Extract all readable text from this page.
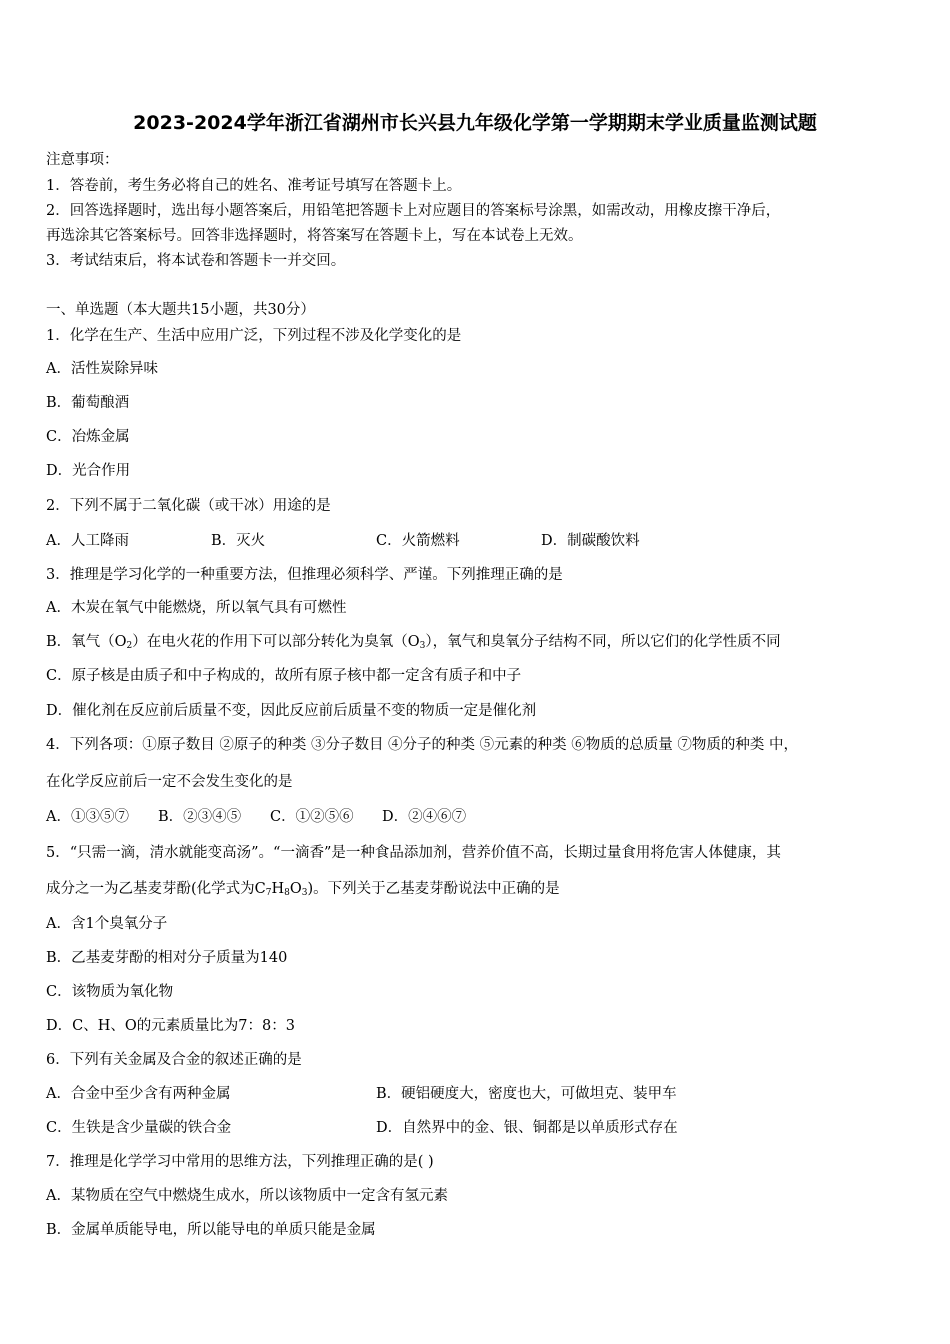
2023-2024学年浙江省湖州市长兴县九年级化学第一学期期末学业质量监测试题
注意事项：
1．答卷前，考生务必将自己的姓名、准考证号填写在答题卡上。
2．回答选择题时，选出每小题答案后，用铅笔把答题卡上对应题目的答案标号涂黑，如需改动，用橡皮擦干净后，
再选涂其它答案标号。回答非选择题时，将答案写在答题卡上，写在本试卷上无效。
3．考试结束后，将本试卷和答题卡一并交回。
一、单选题（本大题共15小题，共30分）
1．化学在生产、生活中应用广泛，下列过程不涉及化学变化的是
A．活性炭除异味
B．葡萄酿酒
C．冶炼金属
D．光合作用
2．下列不属于二氧化碳（或干冰）用途的是
A．人工降雨	B．灭火	C．火箭燃料	D．制碳酸饮料
3．推理是学习化学的一种重要方法，但推理必须科学、严谨。下列推理正确的是
A．木炭在氧气中能燃烧，所以氧气具有可燃性
B．氧气$(O_2)$在电火花的作用下可以部分转化为臭氧$(O_3)$，氧气和臭氧分子结构不同，所以它们的化学性质不同
C．原子核是由质子和中子构成的，故所有原子核中都一定含有质子和中子
D．催化剂在反应前后质量不变，因此反应前后质量不变的物质一定是催化剂
4．下列各项：①原子数目 ②原子的种类 ③分子数目 ④分子的种类 ⑤元素的种类 ⑥物质的总质量 ⑦物质的种类 中，
在化学反应前后一定不会发生变化的是
A．①③⑤⑦ B．②③④⑤ C．①②⑤⑥ D．②④⑥⑦
5．“只需一滴，清水就能变高汤”。“一滴香”是一种食品添加剂，营养价值不高，长期过量食用将危害人体健康，其
成分之一为乙基麦芽酚(化学式为$C_7H_8O_3$)。下列关于乙基麦芽酚说法中正确的是
A．含1个臭氧分子
B．乙基麦芽酚的相对分子质量为140
C．该物质为氧化物
D．C、H、O的元素质量比为7：8：3
6．下列有关金属及合金的叙述正确的是
A．合金中至少含有两种金属	B．硬铝硬度大，密度也大，可做坦克、装甲车
C．生铁是含少量碳的铁合金	D．自然界中的金、银、铜都是以单质形式存在
7．推理是化学学习中常用的思维方法，下列推理正确的是( )
A．某物质在空气中燃烧生成水，所以该物质中一定含有氢元素
B．金属单质能导电，所以能导电的单质只能是金属
